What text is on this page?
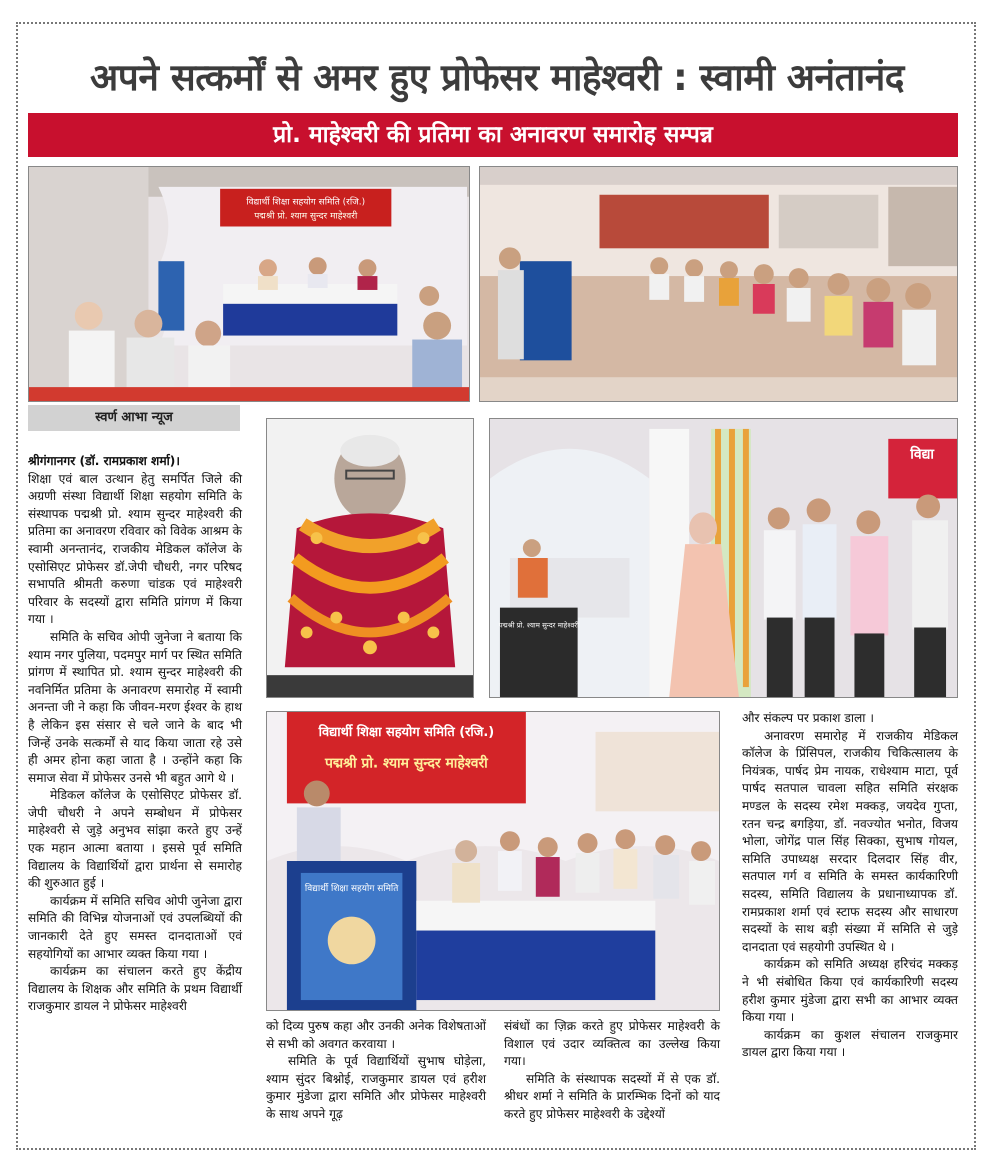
अपने सत्कर्मों से अमर हुए प्रोफेसर माहेश्वरी : स्वामी अनंतानंद
प्रो. माहेश्वरी की प्रतिमा का अनावरण समारोह सम्पन्न
विद्यार्थी शिक्षा सहयोग समिति (रजि.)
पद्मश्री प्रो. श्याम सुन्दर माहेश्वरी
स्वर्ण आभा न्यूज
पद्मश्री प्रो. श्याम सुन्दर माहेश्वरी
विद्या
विद्यार्थी शिक्षा सहयोग समिति (रजि.)
पद्मश्री प्रो. श्याम सुन्दर माहेश्वरी
विद्यार्थी शिक्षा सहयोग समिति

श्रीगंगानगर (डॉ. रामप्रकाश शर्मा)।

शिक्षा एवं बाल उत्थान हेतु समर्पित जिले की अग्रणी संस्था विद्यार्थी शिक्षा सहयोग समिति के संस्थापक पद्मश्री प्रो. श्याम सुन्दर माहेश्वरी की प्रतिमा का अनावरण रविवार को विवेक आश्रम के स्वामी अनन्तानंद, राजकीय मेडिकल कॉलेज के एसोसिएट प्रोफेसर डॉ.जेपी चौधरी, नगर परिषद सभापति श्रीमती करुणा चांडक एवं माहेश्वरी परिवार के सदस्यों द्वारा समिति प्रांगण में किया गया ।

समिति के सचिव ओपी जुनेजा ने बताया कि श्याम नगर पुलिया, पदमपुर मार्ग पर स्थित समिति प्रांगण में स्थापित प्रो. श्याम सुन्दर माहेश्वरी की नवनिर्मित प्रतिमा के अनावरण समारोह में स्वामी अनन्ता जी ने कहा कि जीवन-मरण ईश्वर के हाथ है लेकिन इस संसार से चले जाने के बाद भी जिन्हें उनके सत्कर्मों से याद किया जाता रहे उसे ही अमर होना कहा जाता है । उन्होंने कहा कि समाज सेवा में प्रोफेसर उनसे भी बहुत आगे थे ।

मेडिकल कॉलेज के एसोसिएट प्रोफेसर डॉ. जेपी चौधरी ने अपने सम्बोधन में प्रोफेसर माहेश्वरी से जुड़े अनुभव सांझा करते हुए उन्हें एक महान आत्मा बताया । इससे पूर्व समिति विद्यालय के विद्यार्थियों द्वारा प्रार्थना से समारोह की शुरुआत हुई ।

कार्यक्रम में समिति सचिव ओपी जुनेजा द्वारा समिति की विभिन्न योजनाओं एवं उपलब्धियों की जानकारी देते हुए समस्त दानदाताओं एवं सहयोगियों का आभार व्यक्त किया गया ।

कार्यक्रम का संचालन करते हुए केंद्रीय विद्यालय के शिक्षक और समिति के प्रथम विद्यार्थी राजकुमार डायल ने प्रोफेसर माहेश्वरी

को दिव्य पुरुष कहा और उनकी अनेक विशेषताओं से सभी को अवगत करवाया ।

समिति के पूर्व विद्यार्थियों सुभाष घोड़ेला, श्याम सुंदर बिश्नोई, राजकुमार डायल एवं हरीश कुमार मुंडेजा द्वारा समिति और प्रोफेसर माहेश्वरी के साथ अपने गूढ़

संबंधों का ज़िक्र करते हुए प्रोफेसर माहेश्वरी के विशाल एवं उदार व्यक्तित्व का उल्लेख किया गया।

समिति के संस्थापक सदस्यों में से एक डॉ. श्रीधर शर्मा ने समिति के प्रारम्भिक दिनों को याद करते हुए प्रोफेसर माहेश्वरी के उद्देश्यों

और संकल्प पर प्रकाश डाला ।

अनावरण समारोह में राजकीय मेडिकल कॉलेज के प्रिंसिपल, राजकीय चिकित्सालय के नियंत्रक, पार्षद प्रेम नायक, राधेश्याम माटा, पूर्व पार्षद सतपाल चावला सहित समिति संरक्षक मण्डल के सदस्य रमेश मक्कड़, जयदेव गुप्ता, रतन चन्द्र बगड़िया, डॉ. नवज्योत भनोत, विजय भोला, जोगेंद्र पाल सिंह सिक्का, सुभाष गोयल, समिति उपाध्यक्ष सरदार दिलदार सिंह वीर, सतपाल गर्ग व समिति के समस्त कार्यकारिणी सदस्य, समिति विद्यालय के प्रधानाध्यापक डॉ. रामप्रकाश शर्मा एवं स्टाफ सदस्य और साधारण सदस्यों के साथ बड़ी संख्या में समिति से जुड़े दानदाता एवं सहयोगी उपस्थित थे ।

कार्यक्रम को समिति अध्यक्ष हरिचंद मक्कड़ ने भी संबोधित किया एवं कार्यकारिणी सदस्य हरीश कुमार मुंडेजा द्वारा सभी का आभार व्यक्त किया गया ।

कार्यक्रम का कुशल संचालन राजकुमार डायल द्वारा किया गया ।
